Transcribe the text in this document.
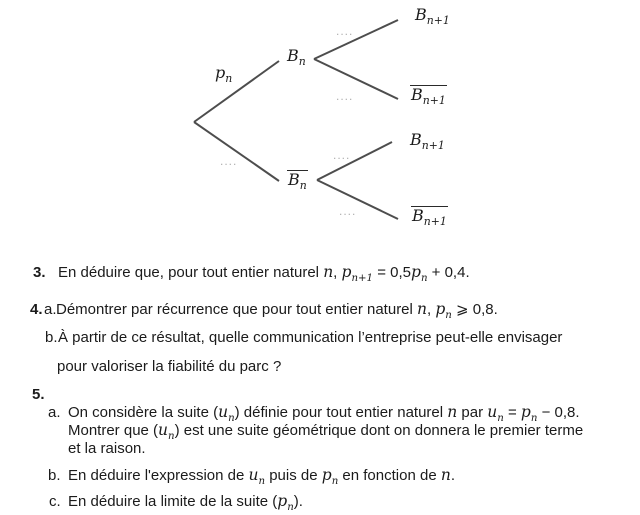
$p_n$
....
....
....
....
....
$B_n$
$B_n$
$B_{n+1}$
$B_{n+1}$
$B_{n+1}$
$B_{n+1}$
3. En déduire que, pour tout entier naturel n, $p_{n+1} = 0,5p_n + 0,4$.
4. a. Démontrer par récurrence que pour tout entier naturel n, $p_n$ ⩾ 0,8.
b. À partir de ce résultat, quelle communication l’entreprise peut-elle envisager
pour valoriser la fiabilité du parc ?
5.
a. On considère la suite $(u_n)$ définie pour tout entier naturel n par $u_n = p_n - 0,8$.
Montrer que $(u_n)$ est une suite géométrique dont on donnera le premier terme
et la raison.
b. En déduire l'expression de $u_n$ puis de $p_n$ en fonction de n.
c. En déduire la limite de la suite $(p_n)$.
